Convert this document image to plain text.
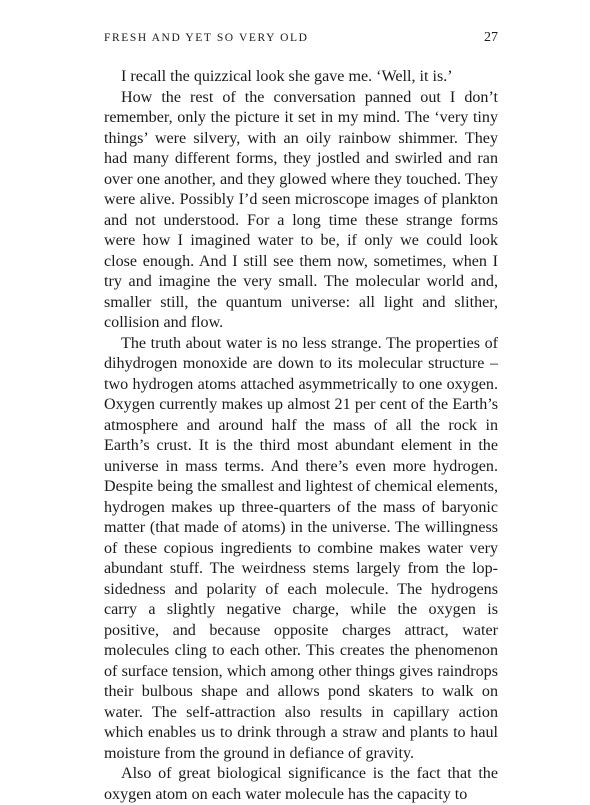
FRESH AND YET SO VERY OLD	27

I recall the quizzical look she gave me. ‘Well, it is.’

How the rest of the conversation panned out I don’t remember, only the picture it set in my mind. The ‘very tiny things’ were silvery, with an oily rainbow shimmer. They had many different forms, they jostled and swirled and ran over one another, and they glowed where they touched. They were alive. Possibly I’d seen microscope images of plankton and not understood. For a long time these strange forms were how I imagined water to be, if only we could look close enough. And I still see them now, sometimes, when I try and imagine the very small. The molecular world and, smaller still, the quantum universe: all light and slither, collision and flow.

The truth about water is no less strange. The properties of dihydrogen monoxide are down to its molecular structure – two hydrogen atoms attached asymmetrically to one oxygen. Oxygen currently makes up almost 21 per cent of the Earth’s atmosphere and around half the mass of all the rock in Earth’s crust. It is the third most abundant element in the universe in mass terms. And there’s even more hydrogen. Despite being the smallest and lightest of chemical elements, hydrogen makes up three-quarters of the mass of baryonic matter (that made of atoms) in the universe. The willingness of these copious ingredients to combine makes water very abundant stuff. The weirdness stems largely from the lop-sidedness and polarity of each molecule. The hydrogens carry a slightly negative charge, while the oxygen is positive, and because opposite charges attract, water molecules cling to each other. This creates the phenomenon of surface tension, which among other things gives raindrops their bulbous shape and allows pond skaters to walk on water. The self-attraction also results in capillary action which enables us to drink through a straw and plants to haul moisture from the ground in defiance of gravity.

Also of great biological significance is the fact that the oxygen atom on each water molecule has the capacity to
